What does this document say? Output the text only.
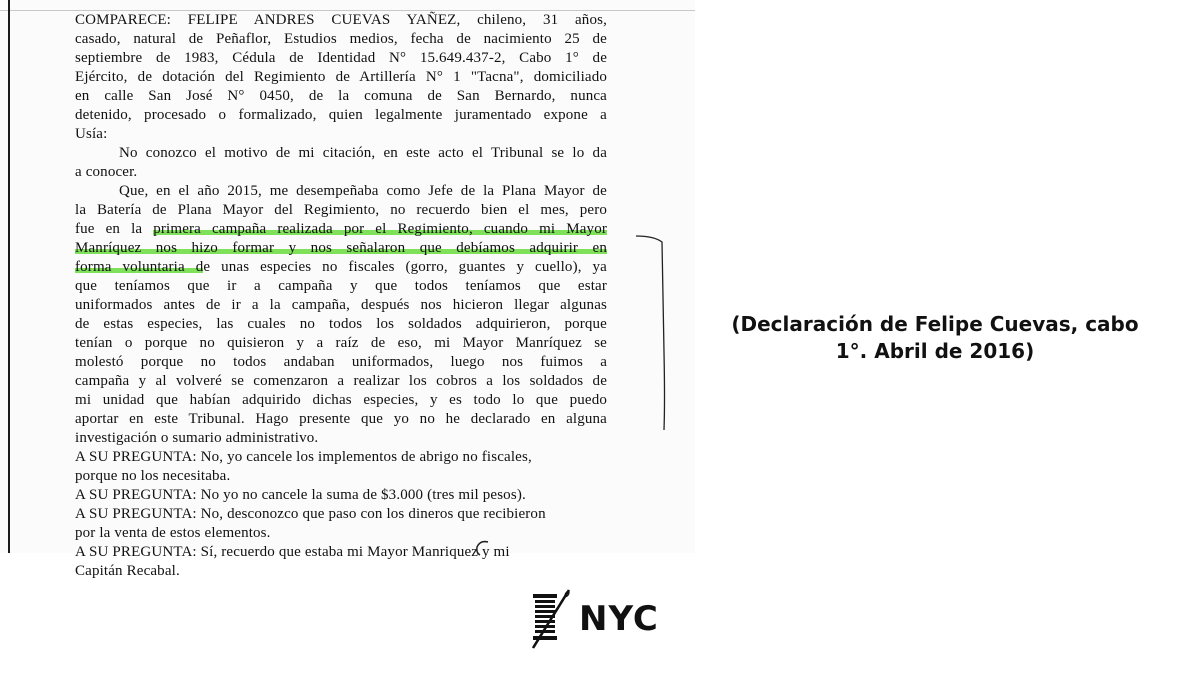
COMPARECE: FELIPE ANDRES CUEVAS YAÑEZ, chileno, 31 años,

casado, natural de Peñaflor, Estudios medios, fecha de nacimiento 25 de

septiembre de 1983, Cédula de Identidad N° 15.649.437-2, Cabo 1° de

Ejército, de dotación del Regimiento de Artillería N° 1 "Tacna", domiciliado

en calle San José N° 0450, de la comuna de San Bernardo, nunca

detenido, procesado o formalizado, quien legalmente juramentado expone a

Usía:

No conozco el motivo de mi citación, en este acto el Tribunal se lo da

a conocer.

Que, en el año 2015, me desempeñaba como Jefe de la Plana Mayor de

la Batería de Plana Mayor del Regimiento, no recuerdo bien el mes, pero

fue en la primera campaña realizada por el Regimiento, cuando mi Mayor

Manríquez nos hizo formar y nos señalaron que debíamos adquirir en

forma voluntaria de unas especies no fiscales (gorro, guantes y cuello), ya

que teníamos que ir a campaña y que todos teníamos que estar

uniformados antes de ir a la campaña, después nos hicieron llegar algunas

de estas especies, las cuales no todos los soldados adquirieron, porque

tenían o porque no quisieron y a raíz de eso, mi Mayor Manríquez se

molestó porque no todos andaban uniformados, luego nos fuimos a

campaña y al volveré se comenzaron a realizar los cobros a los soldados de

mi unidad que habían adquirido dichas especies, y es todo lo que puedo

aportar en este Tribunal. Hago presente que yo no he declarado en alguna

investigación o sumario administrativo.

A SU PREGUNTA: No, yo cancele los implementos de abrigo no fiscales,

porque no los necesitaba.

A SU PREGUNTA: No yo no cancele la suma de $3.000 (tres mil pesos).

A SU PREGUNTA: No, desconozco que paso con los dineros que recibieron

por la venta de estos elementos.

A SU PREGUNTA: Sí, recuerdo que estaba mi Mayor Manriquez y mi

Capitán Recabal.

(Declaración de Felipe Cuevas, cabo
1°. Abril de 2016)
NYC
